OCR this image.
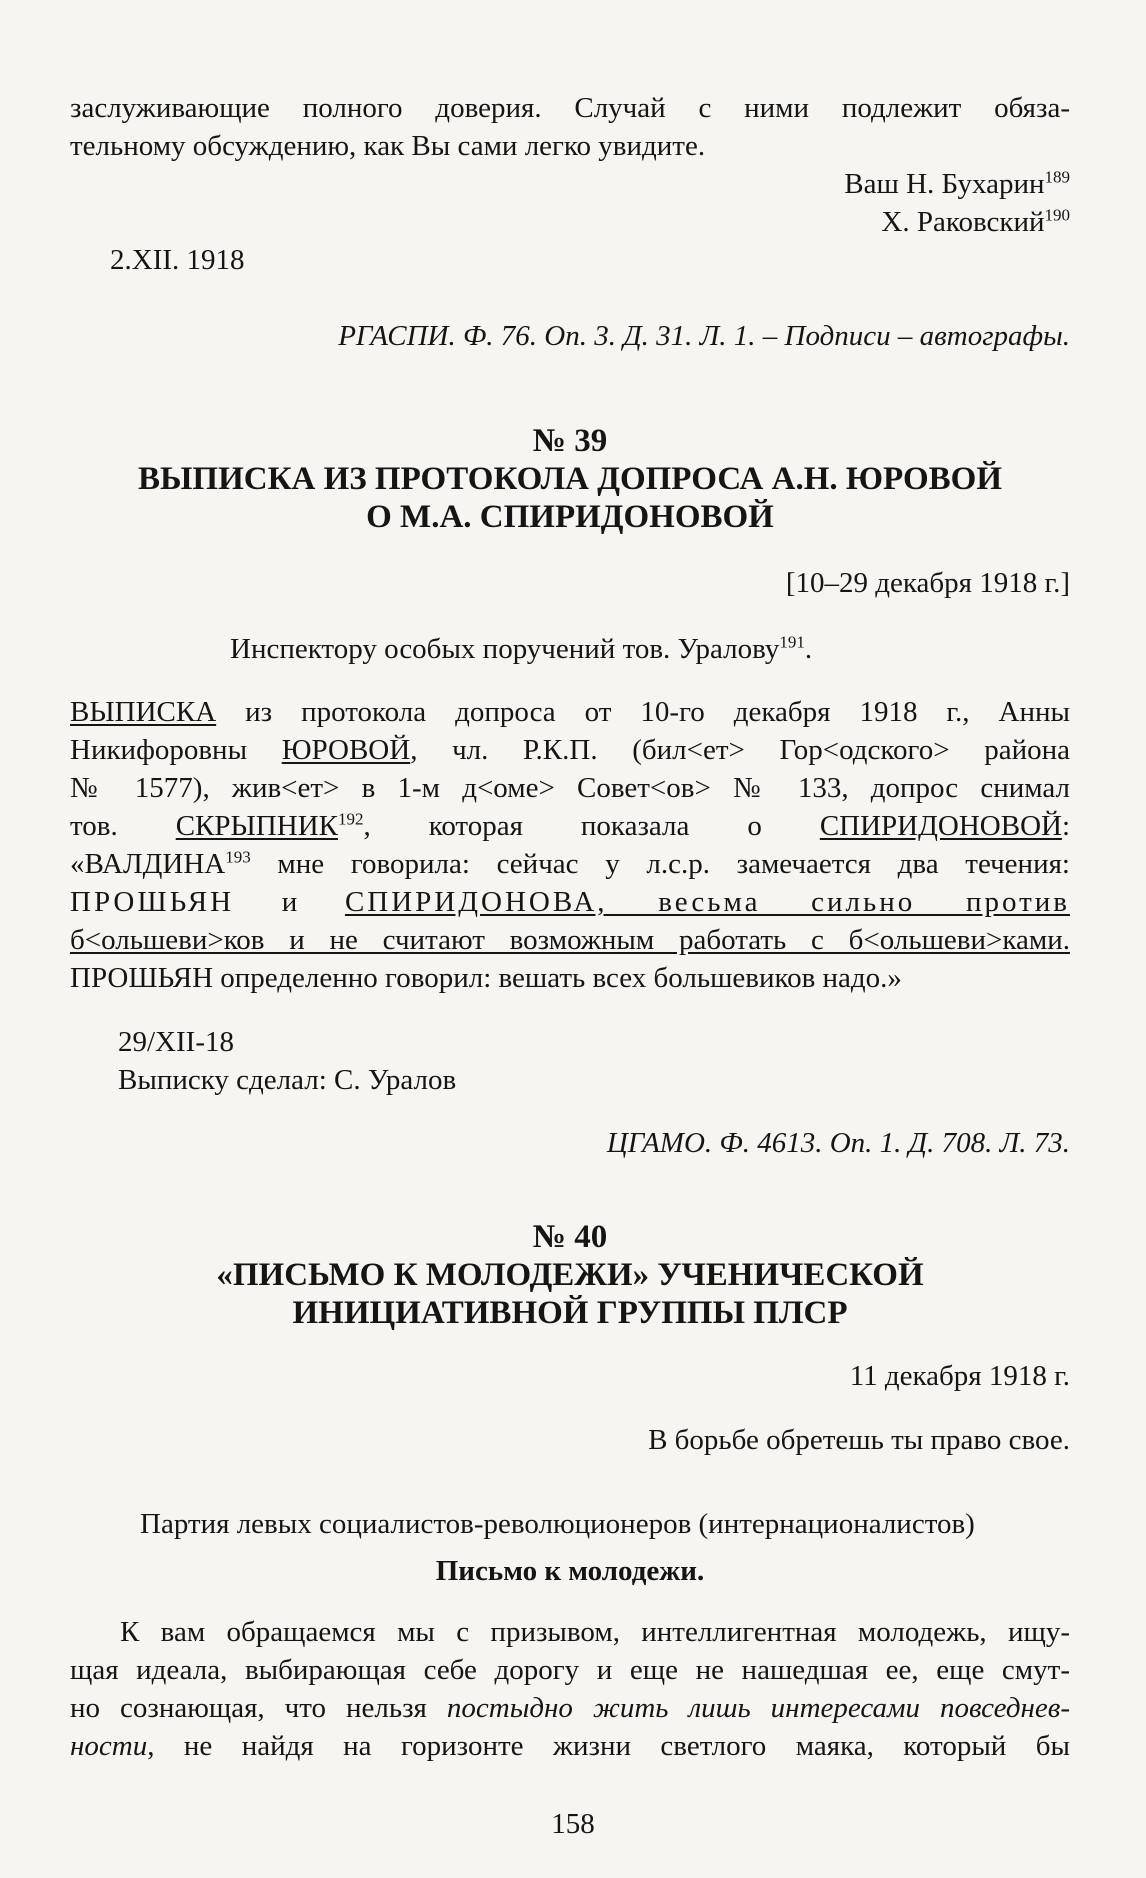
заслуживающие полного доверия. Случай с ними подлежит обяза-

тельному обсуждению, как Вы сами легко увидите.

Ваш Н. Бухарин$^{189}$

Х. Раковский$^{190}$

2.XII. 1918

РГАСПИ. Ф. 76. Оп. 3. Д. 31. Л. 1. – Подписи – автографы.

№ 39

ВЫПИСКА ИЗ ПРОТОКОЛА ДОПРОСА А.Н. ЮРОВОЙ

О М.А. СПИРИДОНОВОЙ

[10–29 декабря 1918 г.]

Инспектору особых поручений тов. Уралову$^{191}$.

ВЫПИСКА из протокола допроса от 10-го декабря 1918 г., Анны

Никифоровны ЮРОВОЙ, чл. Р.К.П. (бил<ет> Гор<одского> района

№ 1577), жив<ет> в 1-м д<оме> Совет<ов> № 133, допрос снимал

тов. СКРЫПНИК$^{192}$, которая показала о СПИРИДОНОВОЙ:

«ВАЛДИНА$^{193}$ мне говорила: сейчас у л.с.р. замечается два течения:

ПРОШЬЯН и СПИРИДОНОВА, весьма сильно против

б<ольшеви>ков и не считают возможным работать с б<ольшеви>ками.

ПРОШЬЯН определенно говорил: вешать всех большевиков надо.»

29/XII-18

Выписку сделал: С. Уралов

ЦГАМО. Ф. 4613. Оп. 1. Д. 708. Л. 73.

№ 40

«ПИСЬМО К МОЛОДЕЖИ» УЧЕНИЧЕСКОЙ

ИНИЦИАТИВНОЙ ГРУППЫ ПЛСР

11 декабря 1918 г.

В борьбе обретешь ты право свое.

Партия левых социалистов-революционеров (интернационалистов)

Письмо к молодежи.

К вам обращаемся мы с призывом, интеллигентная молодежь, ищу-

щая идеала, выбирающая себе дорогу и еще не нашедшая ее, еще смут-

но сознающая, что нельзя постыдно жить лишь интересами повседнев-

ности, не найдя на горизонте жизни светлого маяка, который бы

158
